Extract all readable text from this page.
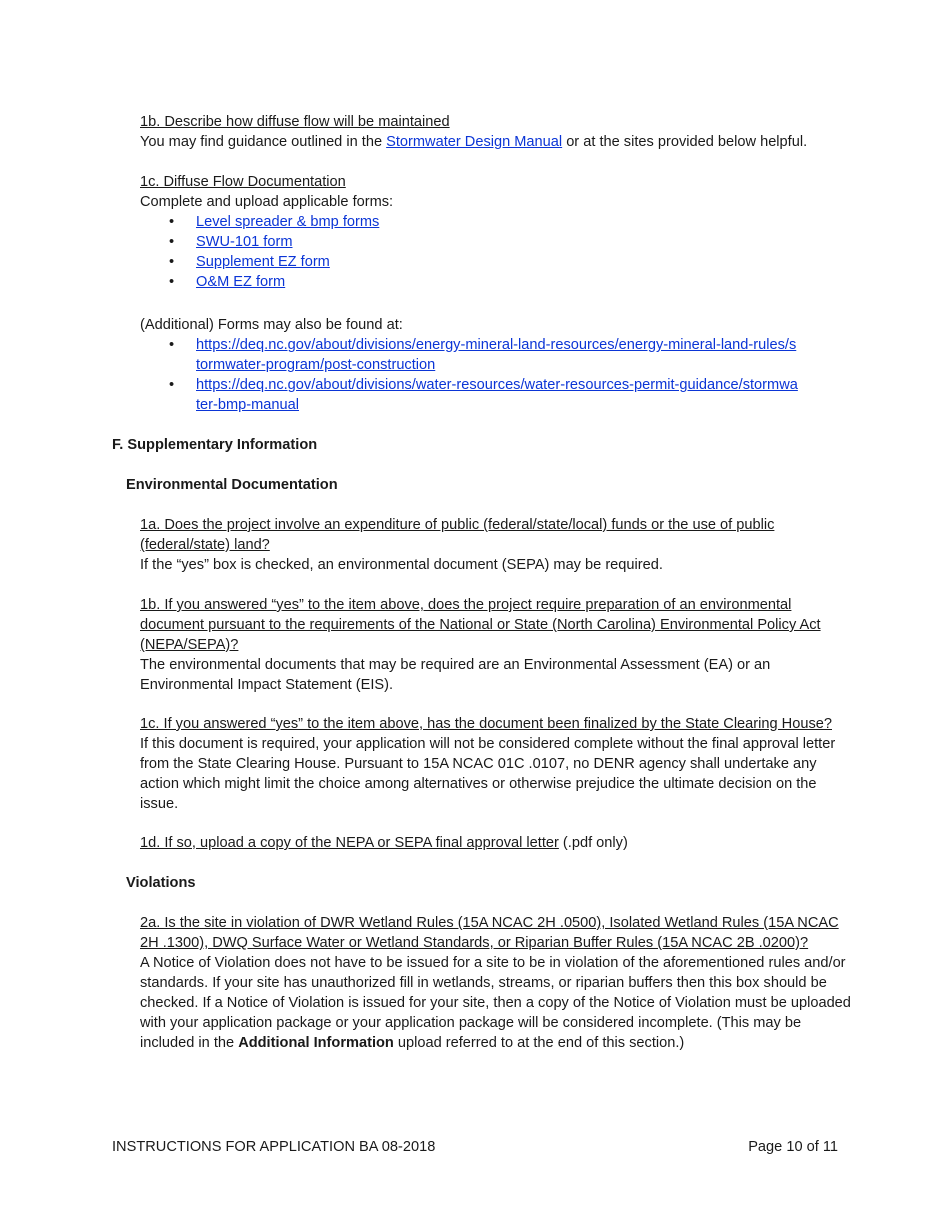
1b. Describe how diffuse flow will be maintained
You may find guidance outlined in the Stormwater Design Manual or at the sites provided below helpful.

1c. Diffuse Flow Documentation
Complete and upload applicable forms:

• Level spreader & bmp forms
• SWU-101 form
• Supplement EZ form
• O&M EZ form

(Additional) Forms may also be found at:

• https://deq.nc.gov/about/divisions/energy-mineral-land-resources/energy-mineral-land-rules/stormwater-program/post-construction
• https://deq.nc.gov/about/divisions/water-resources/water-resources-permit-guidance/stormwater-bmp-manual
F. Supplementary Information
Environmental Documentation

1a. Does the project involve an expenditure of public (federal/state/local) funds or the use of public (federal/state) land?
If the “yes” box is checked, an environmental document (SEPA) may be required.

1b. If you answered “yes” to the item above, does the project require preparation of an environmental document pursuant to the requirements of the National or State (North Carolina) Environmental Policy Act (NEPA/SEPA)?
The environmental documents that may be required are an Environmental Assessment (EA) or an Environmental Impact Statement (EIS).

1c. If you answered “yes” to the item above, has the document been finalized by the State Clearing House?
If this document is required, your application will not be considered complete without the final approval letter from the State Clearing House. Pursuant to 15A NCAC 01C .0107, no DENR agency shall undertake any action which might limit the choice among alternatives or otherwise prejudice the ultimate decision on the issue.

1d. If so, upload a copy of the NEPA or SEPA final approval letter (.pdf only)

Violations

2a. Is the site in violation of DWR Wetland Rules (15A NCAC 2H .0500), Isolated Wetland Rules (15A NCAC 2H .1300), DWQ Surface Water or Wetland Standards, or Riparian Buffer Rules (15A NCAC 2B .0200)?
A Notice of Violation does not have to be issued for a site to be in violation of the aforementioned rules and/or standards. If your site has unauthorized fill in wetlands, streams, or riparian buffers then this box should be checked. If a Notice of Violation is issued for your site, then a copy of the Notice of Violation must be uploaded with your application package or your application package will be considered incomplete. (This may be included in the Additional Information upload referred to at the end of this section.)

INSTRUCTIONS FOR APPLICATION BA 08-2018	Page 10 of 11
